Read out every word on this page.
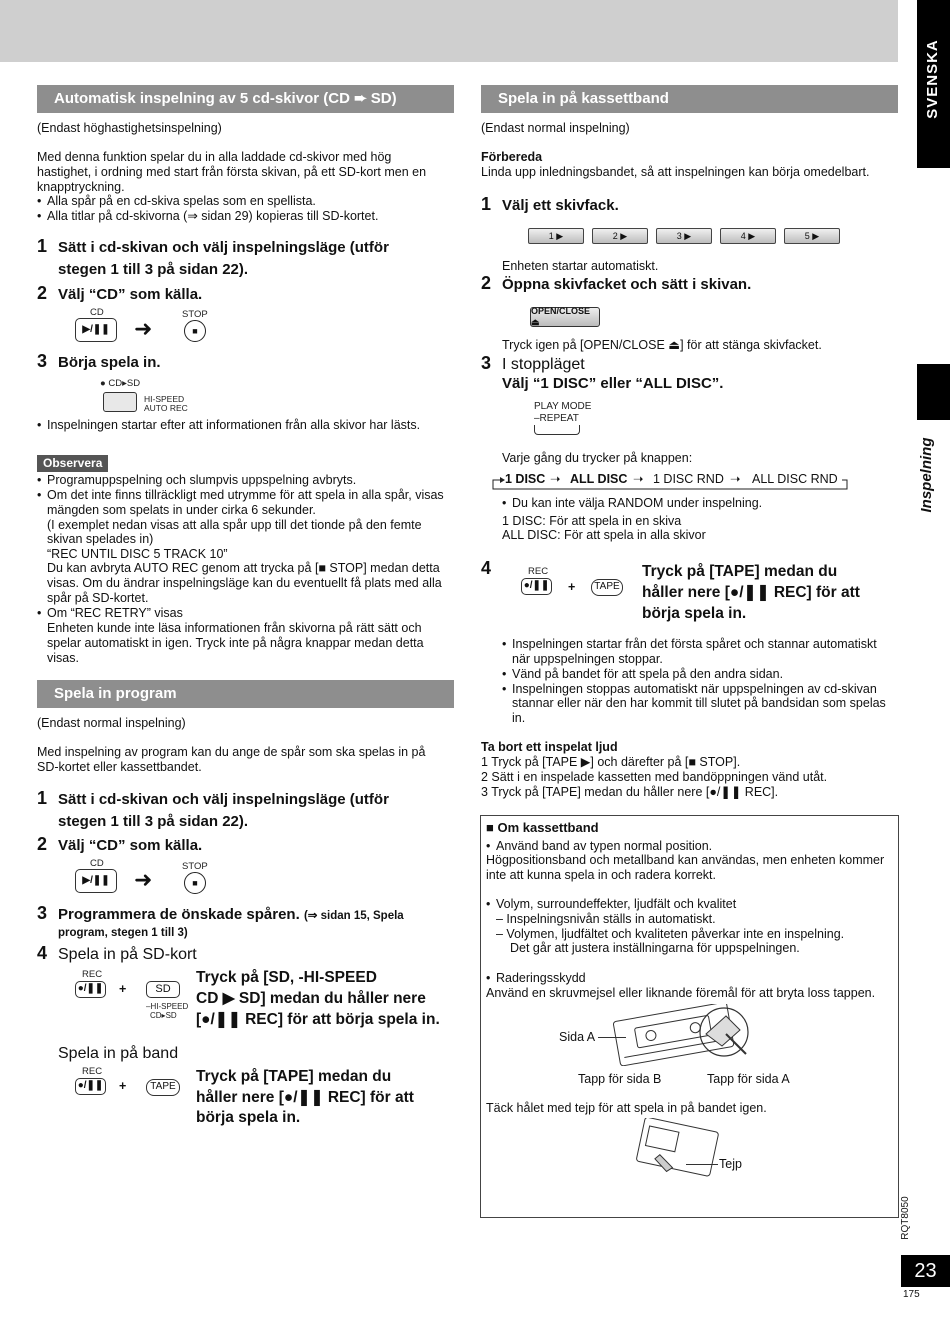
SVENSKA
Inspelning
RQT8050
23
175
Automatisk inspelning av 5 cd-skivor (CD ➨ SD)
(Endast höghastighetsinspelning)
Med denna funktion spelar du in alla laddade cd-skivor med hög
hastighet, i ordning med start från första skivan, på ett SD-kort men en
knapptryckning.
• Alla spår på en cd-skiva spelas som en spellista.
• Alla titlar på cd-skivorna (⇒ sidan 29) kopieras till SD-kortet.
1 Sätt i cd-skivan och välj inspelningsläge (utför
stegen 1 till 3 på sidan 22).
2 Välj “CD” som källa.
CD
▶/❚❚	➜
STOP
■
3 Börja spela in.
● CD▸SD
HI-SPEED
AUTO REC
• Inspelningen startar efter att informationen från alla skivor har lästs.
Observera
• Programuppspelning och slumpvis uppspelning avbryts.
• Om det inte finns tillräckligt med utrymme för att spela in alla spår, visas
mängden som spelats in under cirka 6 sekunder.
(I exemplet nedan visas att alla spår upp till det tionde på den femte
skivan spelades in)
“REC UNTIL DISC 5 TRACK 10”
Du kan avbryta AUTO REC genom att trycka på [■ STOP] medan detta
visas. Om du ändrar inspelningsläge kan du eventuellt få plats med alla
spår på SD-kortet.
• Om “REC RETRY” visas
Enheten kunde inte läsa informationen från skivorna på rätt sätt och
spelar automatiskt in igen. Tryck inte på några knappar medan detta
visas.
Spela in program
(Endast normal inspelning)
Med inspelning av program kan du ange de spår som ska spelas in på
SD-kortet eller kassettbandet.
1 Sätt i cd-skivan och välj inspelningsläge (utför
stegen 1 till 3 på sidan 22).
2 Välj “CD” som källa.
CD
▶/❚❚	➜
STOP
■
3 Programmera de önskade spåren. (⇒ sidan 15, Spela
program, stegen 1 till 3)
4 Spela in på SD-kort
REC
●/❚❚ +	SD
–HI-SPEED
CD▸SD
Tryck på [SD, -HI-SPEED
CD ▶ SD] medan du håller nere
[●/❚❚ REC] för att börja spela in.
Spela in på band
REC
●/❚❚ +	TAPE
Tryck på [TAPE] medan du
håller nere [●/❚❚ REC] för att
börja spela in.
Spela in på kassettband
(Endast normal inspelning)
Förbereda
Linda upp inledningsbandet, så att inspelningen kan börja omedelbart.
1 Välj ett skivfack.
1 ▶	2 ▶	3 ▶	4 ▶	5 ▶
Enheten startar automatiskt.
2 Öppna skivfacket och sätt i skivan.
OPEN/CLOSE ⏏
Tryck igen på [OPEN/CLOSE ⏏] för att stänga skivfacket.
3 I stoppläget
Välj “1 DISC” eller “ALL DISC”.
PLAY MODE
–REPEAT
Varje gång du trycker på knappen:
1 DISC ➝ ALL DISC ➝ 1 DISC RND ➝ ALL DISC RND
• Du kan inte välja RANDOM under inspelning.
1 DISC: För att spela in en skiva
ALL DISC: För att spela in alla skivor
4	REC
●/❚❚ +	TAPE
Tryck på [TAPE] medan du
håller nere [●/❚❚ REC] för att
börja spela in.
• Inspelningen startar från det första spåret och stannar automatiskt
när uppspelningen stoppar.
• Vänd på bandet för att spela på den andra sidan.
• Inspelningen stoppas automatiskt när uppspelningen av cd-skivan
stannar eller när den har kommit till slutet på bandsidan som spelas
in.
Ta bort ett inspelat ljud
1 Tryck på [TAPE ▶] och därefter på [■ STOP].
2 Sätt i en inspelade kassetten med bandöppningen vänd utåt.
3 Tryck på [TAPE] medan du håller nere [●/❚❚ REC].
■ Om kassettband
• Använd band av typen normal position.
Högpositionsband och metallband kan användas, men enheten kommer
inte att kunna spela in och radera korrekt.
• Volym, surroundeffekter, ljudfält och kvalitet
– Inspelningsnivån ställs in automatiskt.
– Volymen, ljudfältet och kvaliteten påverkar inte en inspelning.
Det går att justera inställningarna för uppspelningen.
• Raderingsskydd
Använd en skruvmejsel eller liknande föremål för att bryta loss tappen.
Sida A
Tapp för sida B	Tapp för sida A
Täck hålet med tejp för att spela in på bandet igen.
Tejp
